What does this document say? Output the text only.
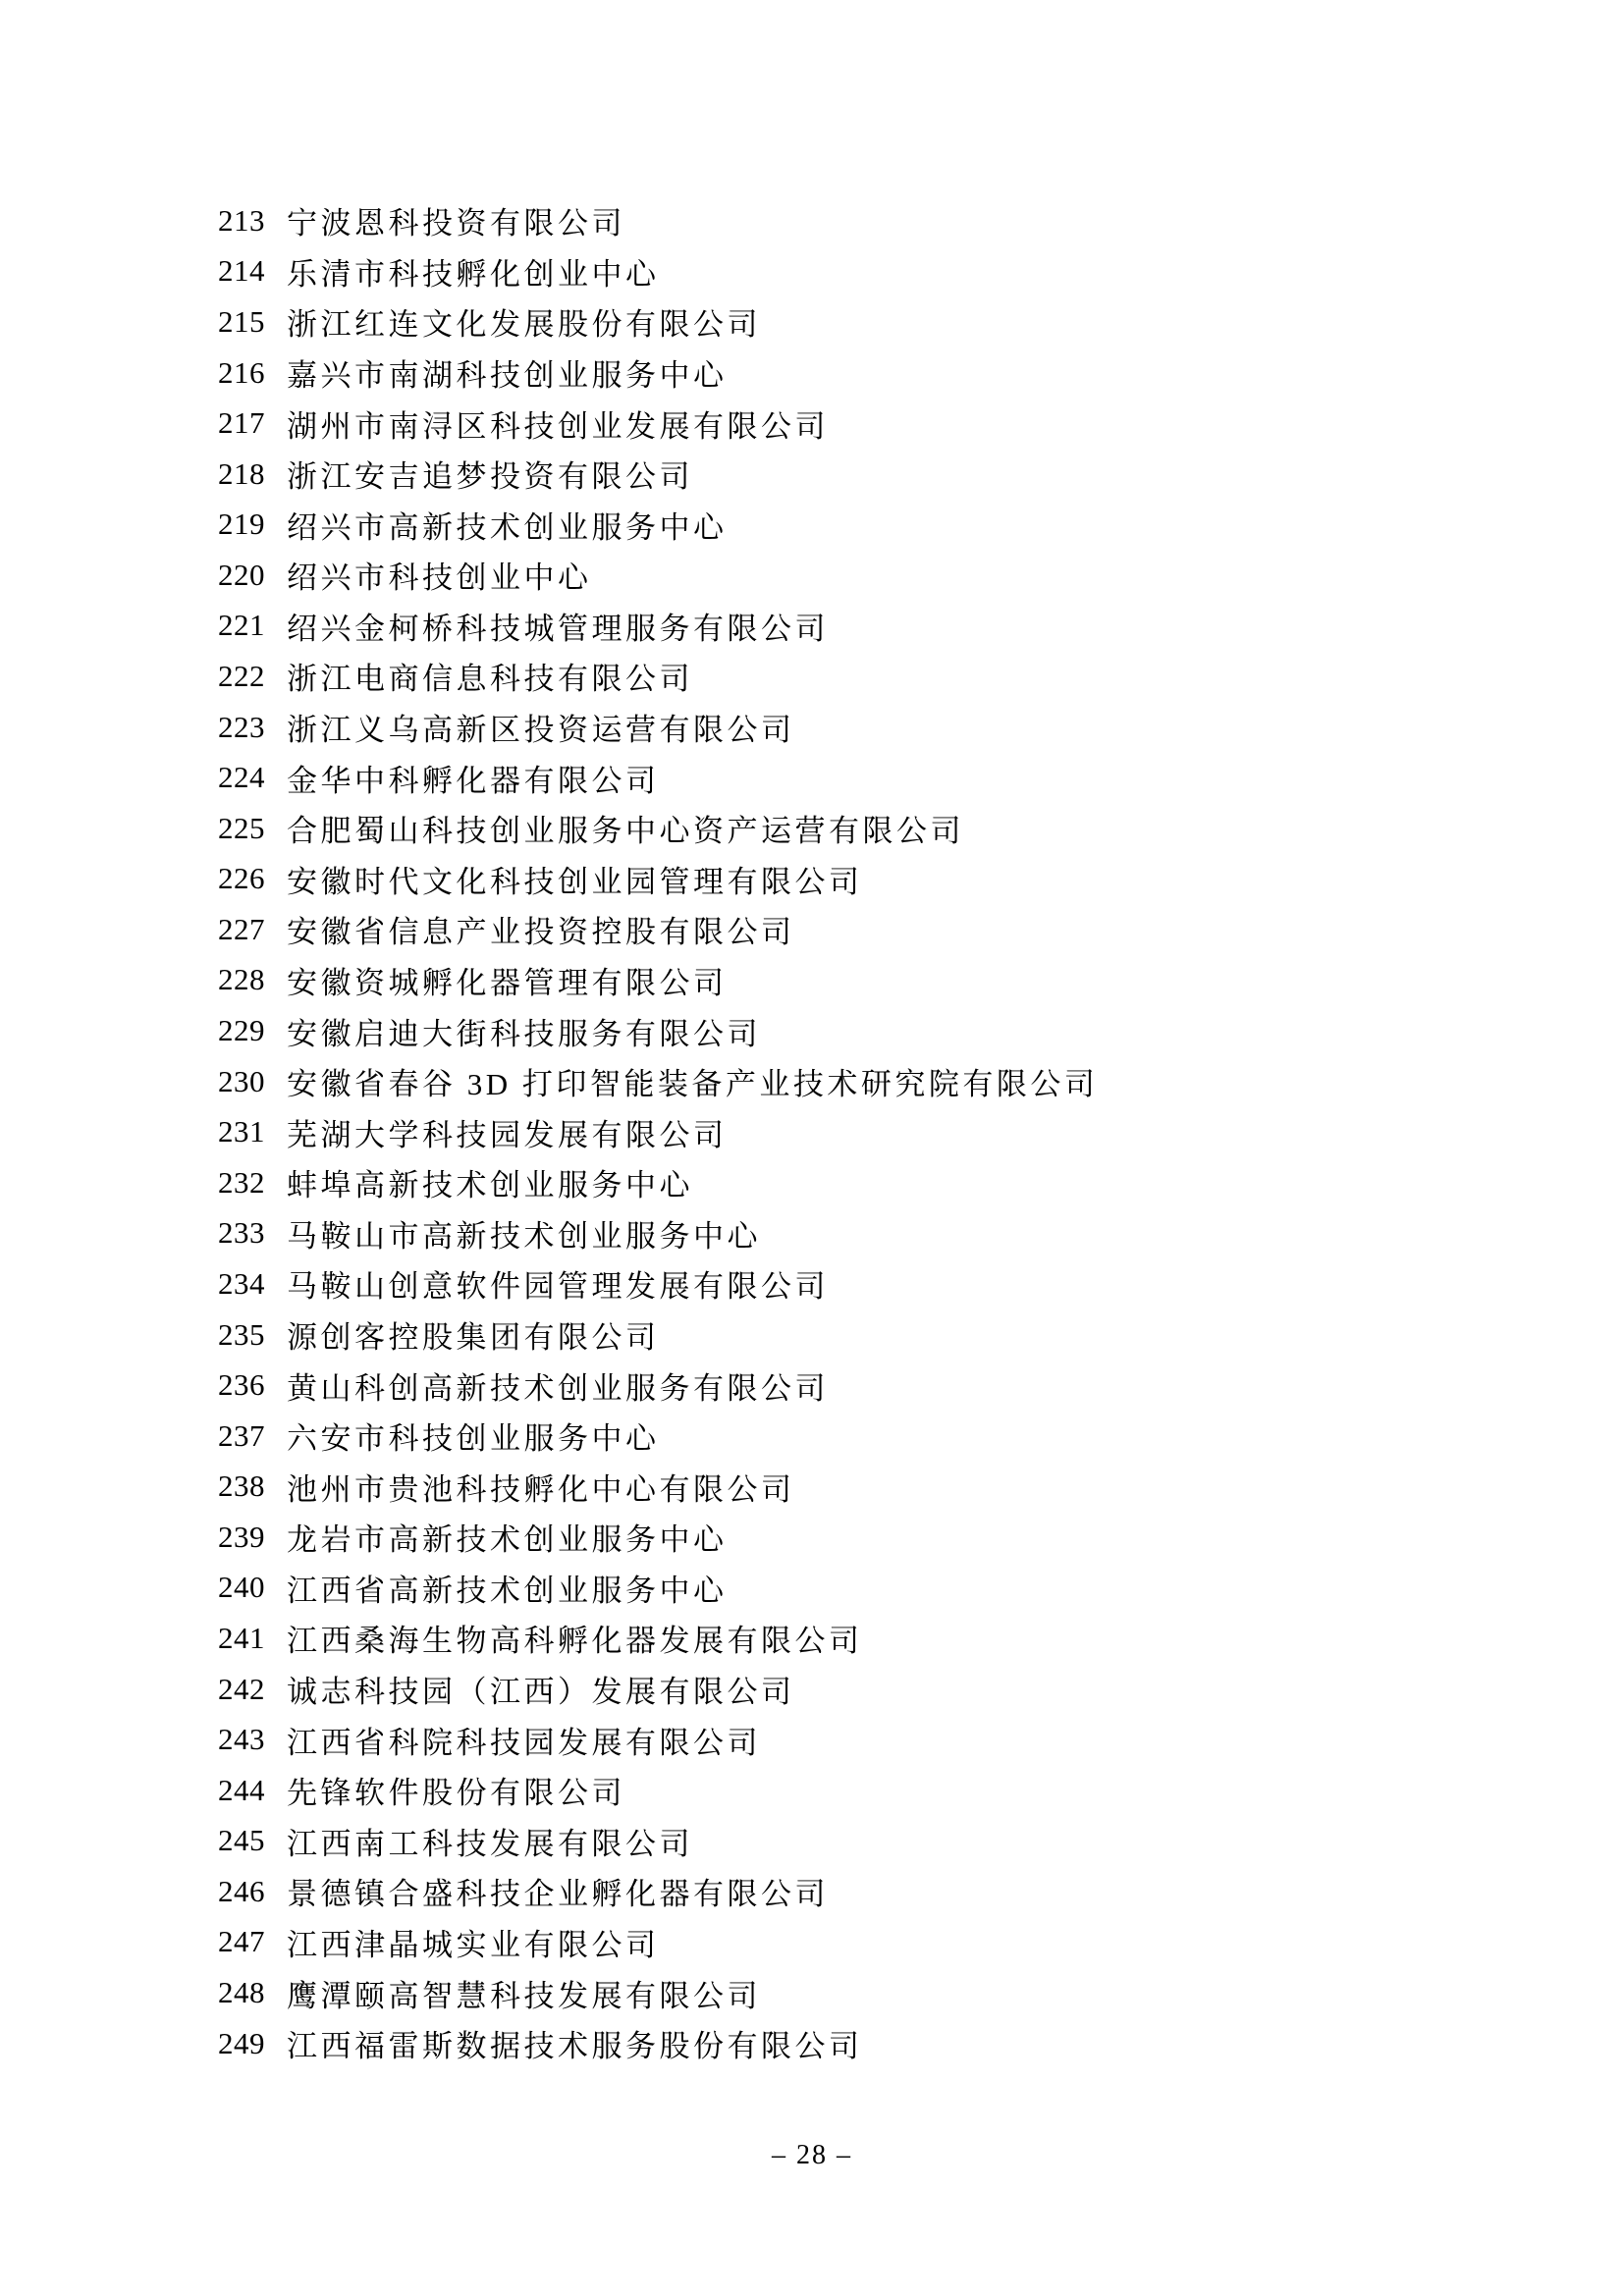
213 宁波恩科投资有限公司
214 乐清市科技孵化创业中心
215 浙江红连文化发展股份有限公司
216 嘉兴市南湖科技创业服务中心
217 湖州市南浔区科技创业发展有限公司
218 浙江安吉追梦投资有限公司
219 绍兴市高新技术创业服务中心
220 绍兴市科技创业中心
221 绍兴金柯桥科技城管理服务有限公司
222 浙江电商信息科技有限公司
223 浙江义乌高新区投资运营有限公司
224 金华中科孵化器有限公司
225 合肥蜀山科技创业服务中心资产运营有限公司
226 安徽时代文化科技创业园管理有限公司
227 安徽省信息产业投资控股有限公司
228 安徽资城孵化器管理有限公司
229 安徽启迪大街科技服务有限公司
230 安徽省春谷 3D 打印智能装备产业技术研究院有限公司
231 芜湖大学科技园发展有限公司
232 蚌埠高新技术创业服务中心
233 马鞍山市高新技术创业服务中心
234 马鞍山创意软件园管理发展有限公司
235 源创客控股集团有限公司
236 黄山科创高新技术创业服务有限公司
237 六安市科技创业服务中心
238 池州市贵池科技孵化中心有限公司
239 龙岩市高新技术创业服务中心
240 江西省高新技术创业服务中心
241 江西桑海生物高科孵化器发展有限公司
242 诚志科技园（江西）发展有限公司
243 江西省科院科技园发展有限公司
244 先锋软件股份有限公司
245 江西南工科技发展有限公司
246 景德镇合盛科技企业孵化器有限公司
247 江西津晶城实业有限公司
248 鹰潭颐高智慧科技发展有限公司
249 江西福雷斯数据技术服务股份有限公司
– 28 –
